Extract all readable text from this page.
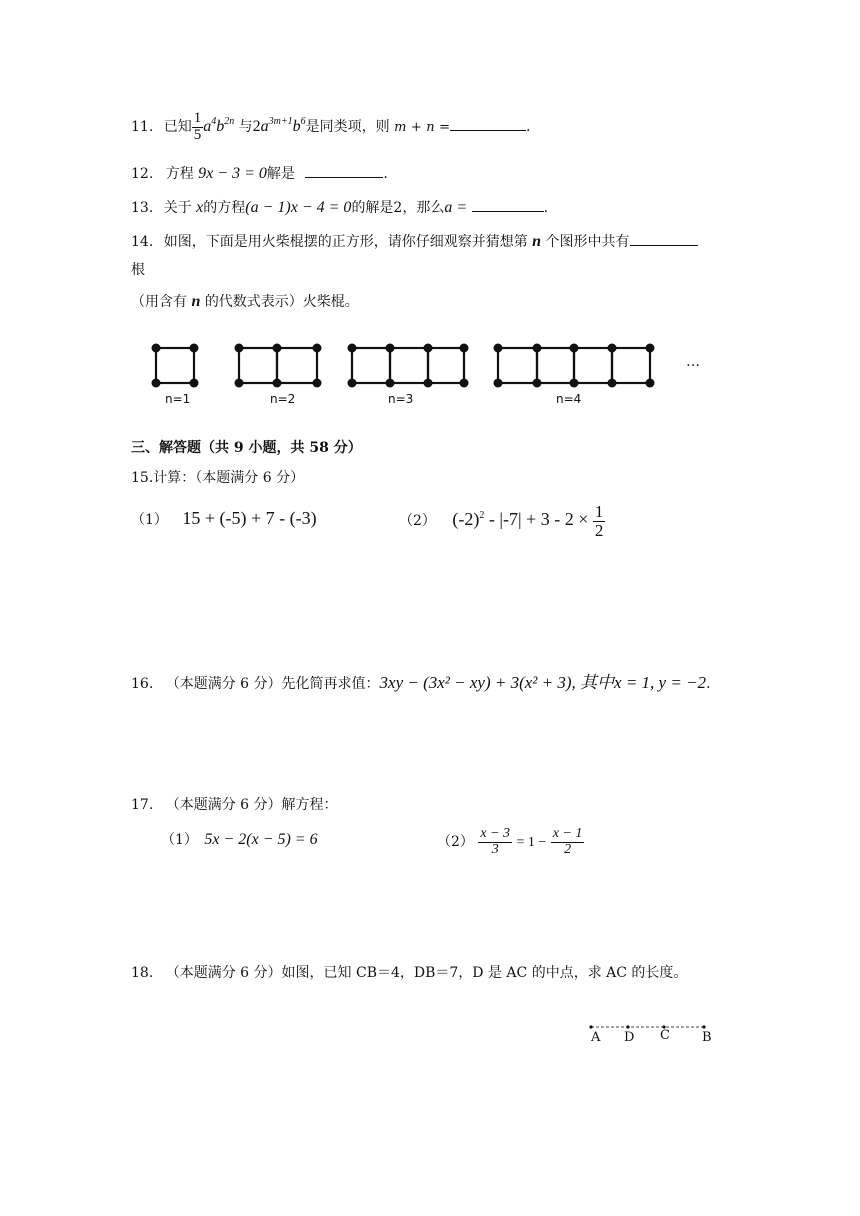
11. 已知 $\frac{1}{5} a^4b^{2n}$ 与$2a^{3m+1}b^6$是同类项，则 m + n =	.
12. 方程 9x − 3 = 0解是	.
13. 关于 x的方程(a − 1)x − 4 = 0的解是2，那么a =	.
14. 如图，下面是用火柴棍摆的正方形，请你仔细观察并猜想第 n 个图形中共有
根
（用含有 n 的代数式表示）火柴棍。
n=1	n=2	n=3	n=4
…
三、解答题（共 9 小题，共 58 分）
15.计算：（本题满分 6 分）
（1） 15 + (-5) + 7 - (-3)	（2） $(-2)^2 - |-7| + 3 - 2 \times \frac{1}{2}$
16. （本题满分 6 分）先化简再求值：3xy − (3x² − xy) + 3(x² + 3), 其中x = 1, y = −2.
17. （本题满分 6 分）解方程：
（1） 5x − 2(x − 5) = 6	$(2) \frac{x - 3}{3} = 1 - \frac{x - 1}{2}$
18. （本题满分 6 分）如图，已知 CB＝4，DB＝7，D 是 AC 的中点，求 AC 的长度。
A D C B
